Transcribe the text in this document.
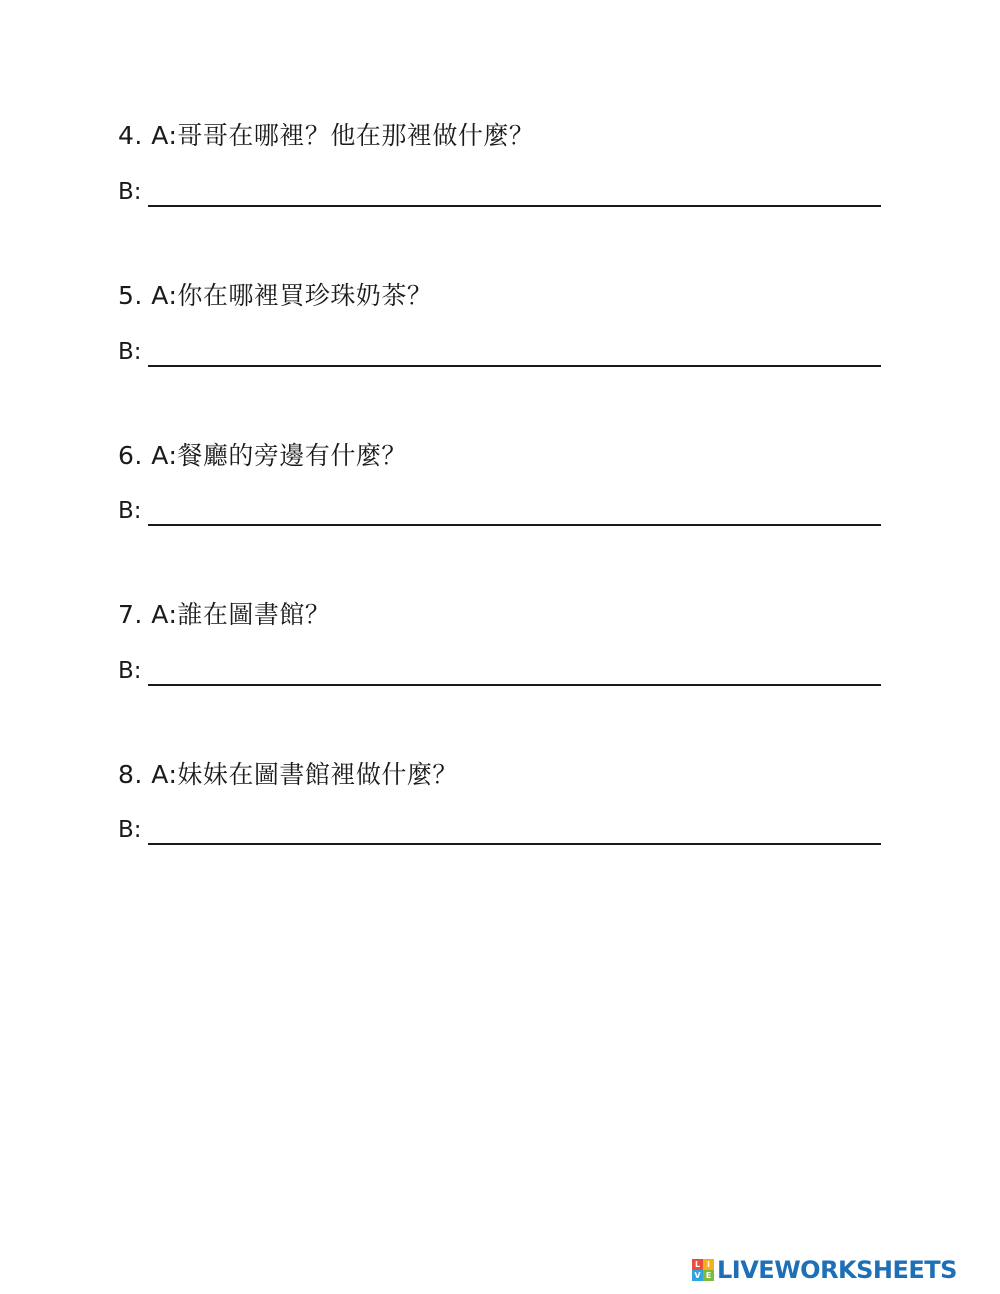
4. A:哥哥在哪裡？他在那裡做什麼？
B:
5. A:你在哪裡買珍珠奶茶？
B:
6. A:餐廳的旁邊有什麼？
B:
7. A:誰在圖書館？
B:
8. A:妹妹在圖書館裡做什麼？
B:
L I
V E LIVEWORKSHEETS
